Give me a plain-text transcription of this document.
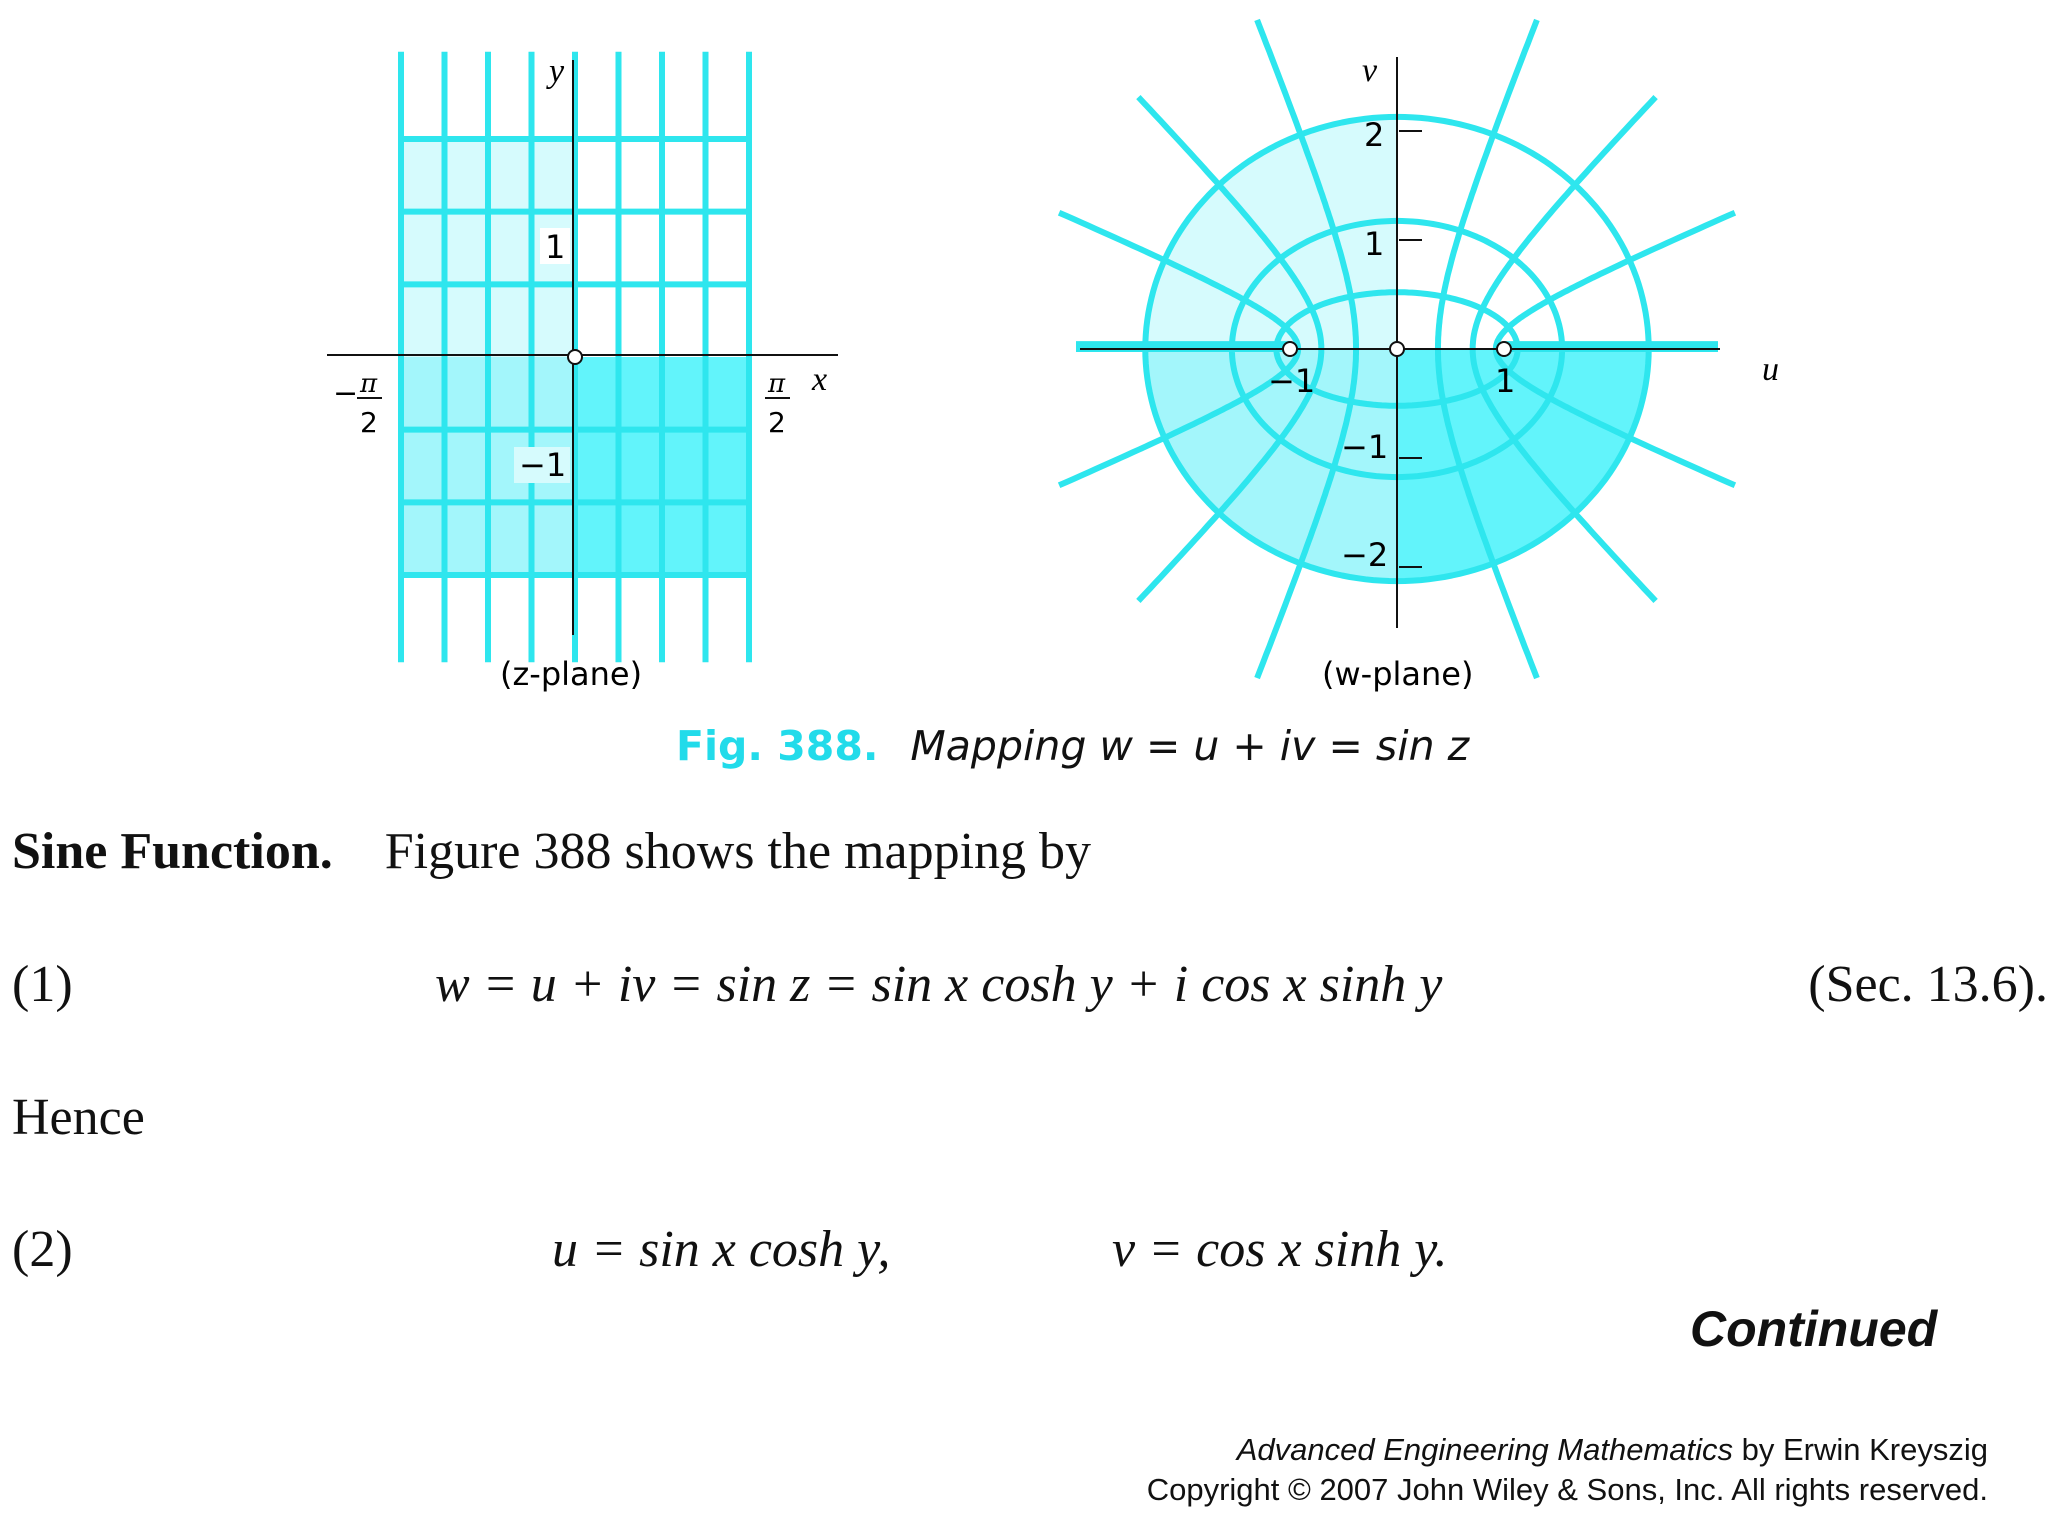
y
x
1
−1
− π
2
π
2
(z-plane)
v
u
2
1
−1
−2
−1	1
(w-plane)
Fig. 388. Mapping w = u + iv = sin z
Sine Function. Figure 388 shows the mapping by
(1)	w = u + iv = sin z = sin x cosh y + i cos x sinh y	(Sec. 13.6).
Hence
(2)	u = sin x cosh y,	v = cos x sinh y.
Continued
Advanced Engineering Mathematics by Erwin Kreyszig
Copyright © 2007 John Wiley & Sons, Inc. All rights reserved.
